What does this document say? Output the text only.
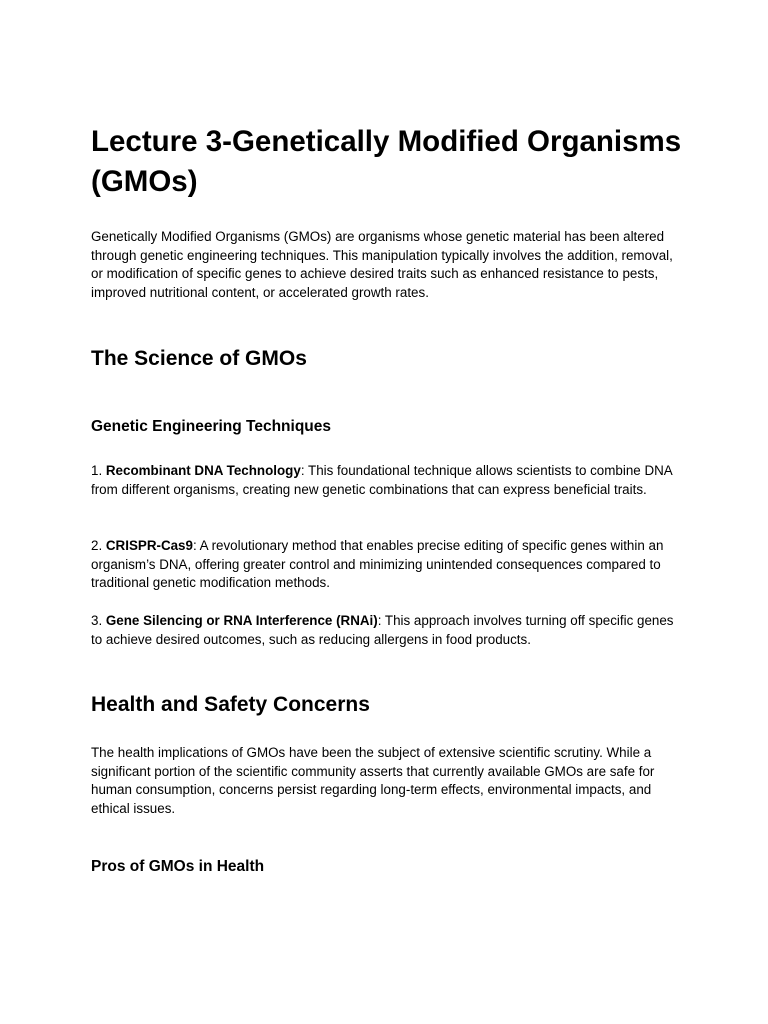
Lecture 3-Genetically Modified Organisms (GMOs)

Genetically Modified Organisms (GMOs) are organisms whose genetic material has been altered through genetic engineering techniques. This manipulation typically involves the addition, removal, or modification of specific genes to achieve desired traits such as enhanced resistance to pests, improved nutritional content, or accelerated growth rates.

The Science of GMOs
Genetic Engineering Techniques

1. Recombinant DNA Technology: This foundational technique allows scientists to combine DNA from different organisms, creating new genetic combinations that can express beneficial traits.

2. CRISPR-Cas9: A revolutionary method that enables precise editing of specific genes within an organism’s DNA, offering greater control and minimizing unintended consequences compared to traditional genetic modification methods.

3. Gene Silencing or RNA Interference (RNAi): This approach involves turning off specific genes to achieve desired outcomes, such as reducing allergens in food products.

Health and Safety Concerns

The health implications of GMOs have been the subject of extensive scientific scrutiny. While a significant portion of the scientific community asserts that currently available GMOs are safe for human consumption, concerns persist regarding long-term effects, environmental impacts, and ethical issues.

Pros of GMOs in Health
